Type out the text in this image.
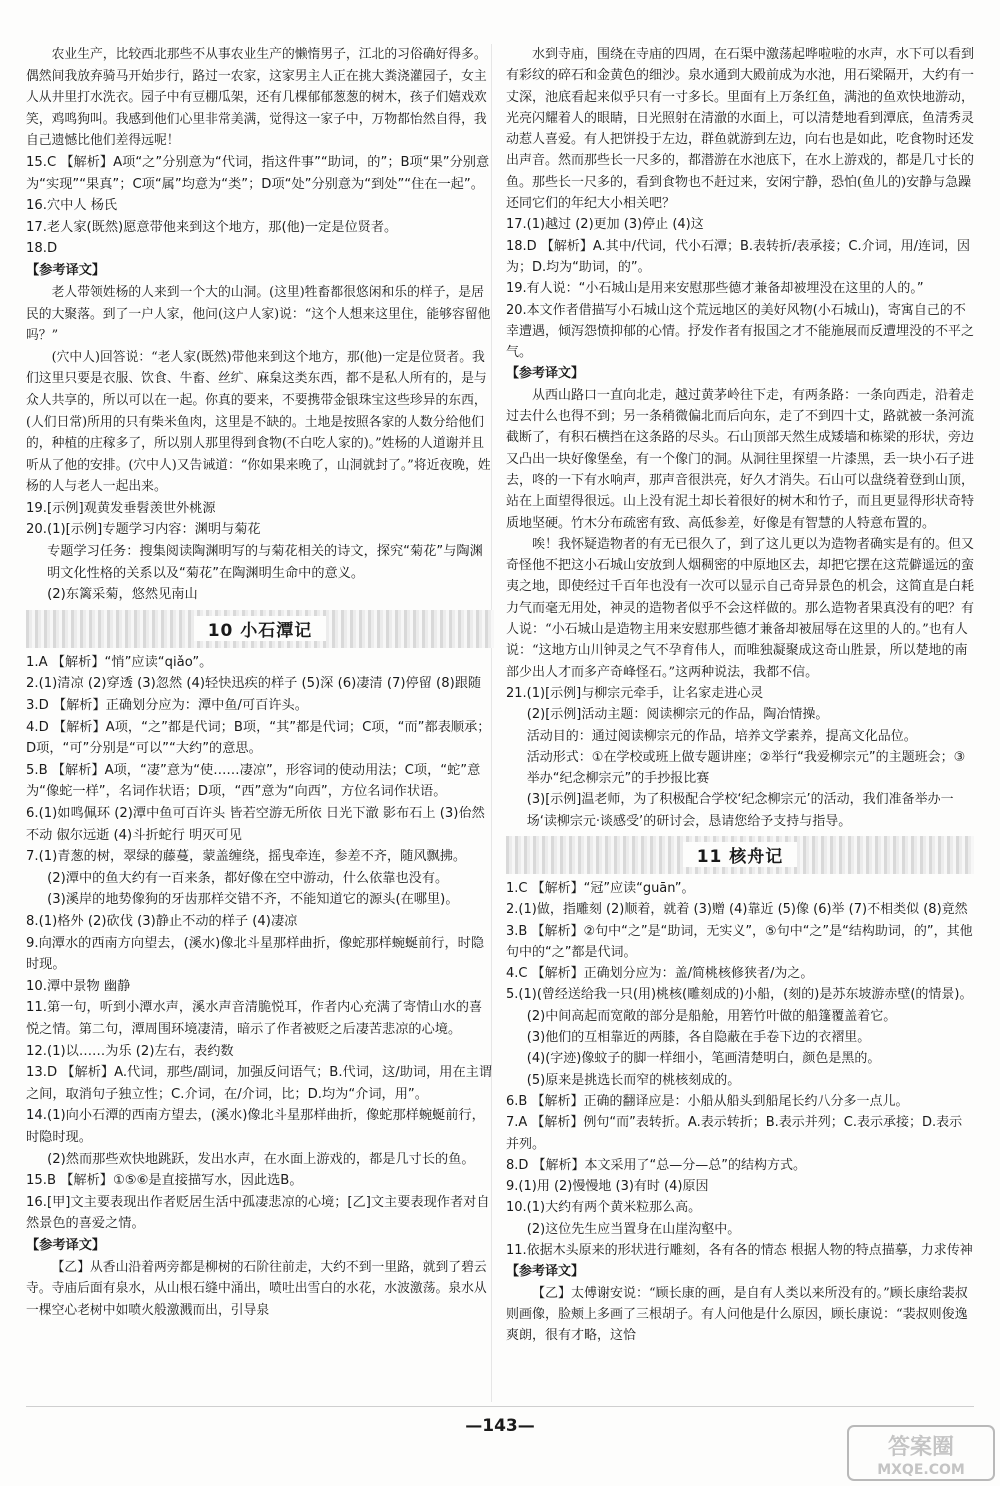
农业生产，比较西北那些不从事农业生产的懒惰男子，江北的习俗确好得多。偶然间我放弃骑马开始步行，路过一农家，这家男主人正在挑大粪浇灌园子，女主人从井里打水洗衣。园子中有豆棚瓜架，还有几棵郁郁葱葱的树木，孩子们嬉戏欢笑，鸡鸣狗叫。我感到他们心里非常美满，觉得这一家子中，万物都怡然自得，我自己遗憾比他们差得远呢！

15.C 【解析】A项“之”分别意为“代词，指这件事”“助词，的”；B项“果”分别意为“实现”“果真”；C项“属”均意为“类”；D项“处”分别意为“到处”“住在一起”。

16.穴中人 杨氏

17.老人家(既然)愿意带他来到这个地方，那(他)一定是位贤者。

18.D

【参考译文】

老人带领姓杨的人来到一个大的山洞。(这里)牲畜都很悠闲和乐的样子，是居民的大聚落。到了一户人家，他问(这户人家)说：“这个人想来这里住，能够容留他吗？”

(穴中人)回答说：“老人家(既然)带他来到这个地方，那(他)一定是位贤者。我们这里只要是衣服、饮食、牛畜、丝纩、麻枲这类东西，都不是私人所有的，是与众人共享的，所以可以在一起。你真的要来，不要携带金银珠宝这些珍异的东西，(人们日常)所用的只有柴米鱼肉，这里是不缺的。土地是按照各家的人数分给他们的，种植的庄稼多了，所以别人那里得到食物(不白吃人家的)。”姓杨的人道谢并且听从了他的安排。(穴中人)又告诫道：“你如果来晚了，山洞就封了。”将近夜晚，姓杨的人与老人一起出来。

19.[示例]观黄发垂髫羡世外桃源

20.(1)[示例]专题学习内容：渊明与菊花

专题学习任务：搜集阅读陶渊明写的与菊花相关的诗文，探究“菊花”与陶渊明文化性格的关系以及“菊花”在陶渊明生命中的意义。

(2)东篱采菊，悠然见南山

10 小石潭记

1.A 【解析】“悄”应读“qiǎo”。

2.(1)清凉 (2)穿透 (3)忽然 (4)轻快迅疾的样子 (5)深 (6)凄清 (7)停留 (8)跟随

3.D 【解析】正确划分应为：潭中鱼/可百许头。

4.D 【解析】A项，“之”都是代词；B项，“其”都是代词；C项，“而”都表顺承；D项，“可”分别是“可以”“大约”的意思。

5.B 【解析】A项，“凄”意为“使……凄凉”，形容词的使动用法；C项，“蛇”意为“像蛇一样”，名词作状语；D项，“西”意为“向西”，方位名词作状语。

6.(1)如鸣佩环 (2)潭中鱼可百许头 皆若空游无所依 日光下澈 影布石上 (3)佁然不动 俶尔远逝 (4)斗折蛇行 明灭可见

7.(1)青葱的树，翠绿的藤蔓，蒙盖缠绕，摇曳牵连，参差不齐，随风飘拂。

(2)潭中的鱼大约有一百来条，都好像在空中游动，什么依靠也没有。

(3)溪岸的地势像狗的牙齿那样交错不齐，不能知道它的源头(在哪里)。

8.(1)格外 (2)砍伐 (3)静止不动的样子 (4)凄凉

9.向潭水的西南方向望去，(溪水)像北斗星那样曲折，像蛇那样蜿蜒前行，时隐时现。

10.潭中景物 幽静

11.第一句，听到小潭水声，溪水声音清脆悦耳，作者内心充满了寄情山水的喜悦之情。第二句，潭周围环境凄清，暗示了作者被贬之后凄苦悲凉的心境。

12.(1)以……为乐 (2)左右，表约数

13.D 【解析】A.代词，那些/副词，加强反问语气；B.代词，这/助词，用在主谓之间，取消句子独立性；C.介词，在/介词，比；D.均为“介词，用”。

14.(1)向小石潭的西南方望去，(溪水)像北斗星那样曲折，像蛇那样蜿蜒前行，时隐时现。

(2)然而那些欢快地跳跃，发出水声，在水面上游戏的，都是几寸长的鱼。

15.B 【解析】①⑤⑥是直接描写水，因此选B。

16.[甲]文主要表现出作者贬居生活中孤凄悲凉的心境；[乙]文主要表现作者对自然景色的喜爱之情。

【参考译文】

【乙】从香山沿着两旁都是柳树的石阶往前走，大约不到一里路，就到了碧云寺。寺庙后面有泉水，从山根石缝中涌出，喷吐出雪白的水花，水波激荡。泉水从一棵空心老树中如喷火般激溅而出，引导泉

水到寺庙，围绕在寺庙的四周，在石渠中激荡起哗啦啦的水声，水下可以看到有彩纹的碎石和金黄色的细沙。泉水通到大殿前成为水池，用石梁隔开，大约有一丈深，池底看起来似乎只有一寸多长。里面有上万条红鱼，满池的鱼欢快地游动，光亮闪耀着人的眼睛，日光照射在清澈的水面上，可以清楚地看到潭底，鱼清秀灵动惹人喜爱。有人把饼投于左边，群鱼就游到左边，向右也是如此，吃食物时还发出声音。然而那些长一尺多的，都潜游在水池底下，在水上游戏的，都是几寸长的鱼。那些长一尺多的，看到食物也不赶过来，安闲宁静，恐怕(鱼儿的)安静与急躁还同它们的年纪大小相关吧？

17.(1)越过 (2)更加 (3)停止 (4)这

18.D 【解析】A.其中/代词，代小石潭；B.表转折/表承接；C.介词，用/连词，因为；D.均为“助词，的”。

19.有人说：“小石城山是用来安慰那些德才兼备却被埋没在这里的人的。”

20.本文作者借描写小石城山这个荒远地区的美好风物(小石城山)，寄寓自己的不幸遭遇，倾泻怨愤抑郁的心情。抒发作者有报国之才不能施展而反遭埋没的不平之气。

【参考译文】

从西山路口一直向北走，越过黄茅岭往下走，有两条路：一条向西走，沿着走过去什么也得不到；另一条稍微偏北而后向东，走了不到四十丈，路就被一条河流截断了，有积石横挡在这条路的尽头。石山顶部天然生成矮墙和栋梁的形状，旁边又凸出一块好像堡垒，有一个像门的洞。从洞往里探望一片漆黑，丢一块小石子进去，咚的一下有水响声，那声音很洪亮，好久才消失。石山可以盘绕着登到山顶，站在上面望得很远。山上没有泥土却长着很好的树木和竹子，而且更显得形状奇特质地坚硬。竹木分布疏密有致、高低参差，好像是有智慧的人特意布置的。

唉！我怀疑造物者的有无已很久了，到了这儿更以为造物者确实是有的。但又奇怪他不把这小石城山安放到人烟稠密的中原地区去，却把它摆在这荒僻遥远的蛮夷之地，即使经过千百年也没有一次可以显示自己奇异景色的机会，这简直是白耗力气而毫无用处，神灵的造物者似乎不会这样做的。那么造物者果真没有的吧？有人说：“小石城山是造物主用来安慰那些德才兼备却被屈辱在这里的人的。”也有人说：“这地方山川钟灵之气不孕育伟人，而唯独凝聚成这奇山胜景，所以楚地的南部少出人才而多产奇峰怪石。”这两种说法，我都不信。

21.(1)[示例]与柳宗元牵手，让名家走进心灵

(2)[示例]活动主题：阅读柳宗元的作品，陶冶情操。

活动目的：通过阅读柳宗元的作品，培养文学素养，提高文化品位。

活动形式：①在学校或班上做专题讲座；②举行“我爱柳宗元”的主题班会；③举办“纪念柳宗元”的手抄报比赛

(3)[示例]温老师，为了积极配合学校‘纪念柳宗元’的活动，我们准备举办一场‘读柳宗元·谈感受’的研讨会，恳请您给予支持与指导。

11 核舟记

1.C 【解析】“冠”应读“guān”。

2.(1)做，指雕刻 (2)顺着，就着 (3)赠 (4)靠近 (5)像 (6)举 (7)不相类似 (8)竟然

3.B 【解析】②句中“之”是“助词，无实义”，⑤句中“之”是“结构助词，的”，其他句中的“之”都是代词。

4.C 【解析】正确划分应为：盖/简桃核修狭者/为之。

5.(1)(曾经送给我一只(用)桃核(雕刻成的)小船，(刻的)是苏东坡游赤壁(的情景)。

(2)中间高起而宽敞的部分是船舱，用箬竹叶做的船篷覆盖着它。

(3)他们的互相靠近的两膝，各自隐蔽在手卷下边的衣褶里。

(4)(字迹)像蚊子的脚一样细小，笔画清楚明白，颜色是黑的。

(5)原来是挑选长而窄的桃核刻成的。

6.B 【解析】正确的翻译应是：小船从船头到船尾长约八分多一点儿。

7.A 【解析】例句“而”表转折。A.表示转折；B.表示并列；C.表示承接；D.表示并列。

8.D 【解析】本文采用了“总—分—总”的结构方式。

9.(1)用 (2)慢慢地 (3)有时 (4)原因

10.(1)大约有两个黄米粒那么高。

(2)这位先生应当置身在山崖沟壑中。

11.依据木头原来的形状进行雕刻，各有各的情态 根据人物的特点描摹，力求传神

【参考译文】

【乙】太傅谢安说：“顾长康的画，是自有人类以来所没有的。”顾长康给裴叔则画像，脸颊上多画了三根胡子。有人问他是什么原因，顾长康说：“裴叔则俊逸爽朗，很有才略，这恰

—143—
答案圈
MXQE.COM
